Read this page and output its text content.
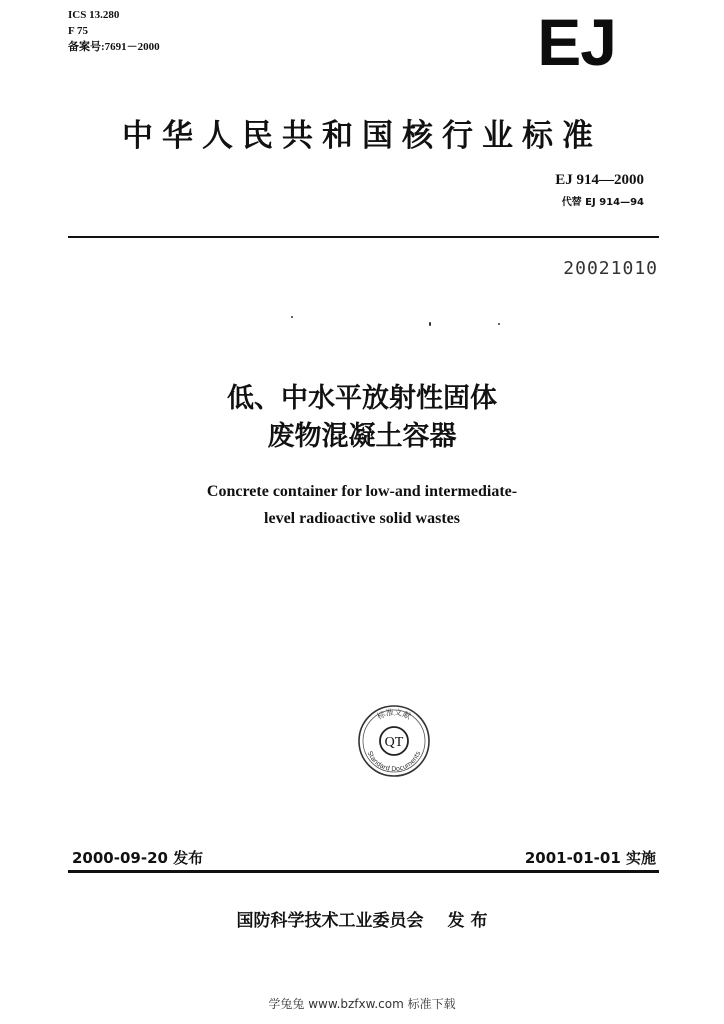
ICS 13.280
F 75
备案号:7691－2000	EJ
中华人民共和国核行业标准
EJ 914—2000
代替 EJ 914—94
20021010
低、中水平放射性固体
废物混凝土容器
Concrete container for low-and intermediate-
level radioactive solid wastes
标准文献
Standard Documents
QT
2000-09-20 发布	2001-01-01 实施
国防科学技术工业委员会 发 布
学兔兔 www.bzfxw.com 标准下载
